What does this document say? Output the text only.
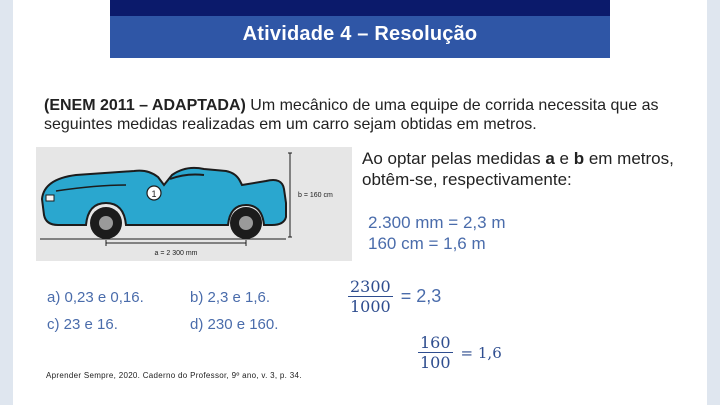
Atividade 4 – Resolução
(ENEM 2011 – ADAPTADA) Um mecânico de uma equipe de corrida necessita que as seguintes medidas realizadas em um carro sejam obtidas em metros.
1	b = 160 cm
a = 2 300 mm
Ao optar pelas medidas a e b em metros, obtêm-se, respectivamente:
2.300 mm = 2,3 m
160 cm = 1,6 m
a) 0,23 e 0,16.
c) 23 e 16.
b) 2,3 e 1,6.
d) 230 e 160.
$\frac{2300}{1000} = 2,3$
$\frac{160}{100} = 1,6$
Aprender Sempre, 2020. Caderno do Professor, 9º ano, v. 3, p. 34.
